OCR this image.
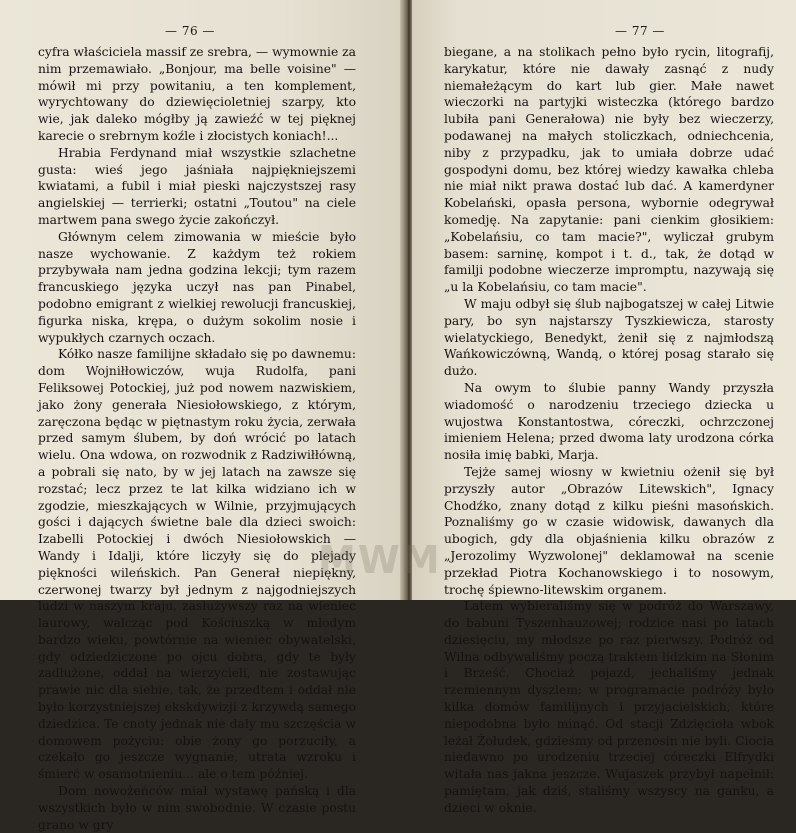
— 76 —

cyfra właściciela massif ze srebra, — wymownie za nim przemawiało. „Bonjour, ma belle voisine" — mówił mi przy powitaniu, a ten komplement, wyrychtowany do dziewięcioletniej szarpy, kto wie, jak daleko mógłby ją zawieźć w tej pięknej karecie o srebrnym koźle i złocistych koniach!...

Hrabia Ferdynand miał wszystkie szlachetne gusta: wieś jego jaśniała najpiękniejszemi kwiatami, a fubil i miał pieski najczystszej rasy angielskiej — terrierki; ostatni „Toutou" na ciele martwem pana swego życie zakończył.

Głównym celem zimowania w mieście było nasze wychowanie. Z każdym też rokiem przybywała nam jedna godzina lekcji; tym razem francuskiego języka uczył nas pan Pinabel, podobno emigrant z wielkiej rewolucji francuskiej, figurka niska, krępa, o dużym sokolim nosie i wypukłych czarnych oczach.

Kółko nasze familijne składało się po dawnemu: dom Wojniłłowiczów, wuja Rudolfa, pani Feliksowej Potockiej, już pod nowem nazwiskiem, jako żony generała Niesiołowskiego, z którym, zaręczona będąc w piętnastym roku życia, zerwała przed samym ślubem, by doń wrócić po latach wielu. Ona wdowa, on rozwodnik z Radziwiłłówną, a pobrali się nato, by w jej latach na zawsze się rozstać; lecz przez te lat kilka widziano ich w zgodzie, mieszkających w Wilnie, przyjmujących gości i dających świetne bale dla dzieci swoich: Izabelli Potockiej i dwóch Niesiołowskich — Wandy i Idalji, które liczyły się do plejady piękności wileńskich. Pan Generał niepiękny, czerwonej twarzy był jednym z najgodniejszych ludzi w naszym kraju, zasłużywszy raz na wieniec laurowy, walcząc pod Kościuszką w młodym bardzo wieku, powtórnie na wieniec obywatelski, gdy odziedziczone po ojcu dobra, gdy te były zadłużone, oddał na wierzycieli, nie zostawując prawie nic dla siebie, tak, że przedtem i oddał nie było korzystniejszej ekskdywizji z krzywdą samego dziedzica. Te cnoty jednak nie dały mu szczęścia w domowem pożyciu: obie żony go porzuciły, a czekało go jeszcze wygnanie, utrata wzroku i śmierć w osamotnieniu... ale o tem później.

Dom nowożeńców miał wystawę pańską i dla wszystkich było w nim swobodnie. W czasie postu grano w gry

— 77 —

biegane, a na stolikach pełno było rycin, litografij, karykatur, które nie dawały zasnąć z nudy niemałeżącym do kart lub gier. Małe nawet wieczorki na partyjki wisteczka (którego bardzo lubiła pani Generałowa) nie były bez wieczerzy, podawanej na małych stoliczkach, odniechcenia, niby z przypadku, jak to umiała dobrze udać gospodyni domu, bez której wiedzy kawałka chleba nie miał nikt prawa dostać lub dać. A kamerdyner Kobelański, opasła persona, wybornie odegrywał komedję. Na zapytanie: pani cienkim głosikiem: „Kobelańsiu, co tam macie?", wyliczał grubym basem: sarninę, kompot i t. d., tak, że dotąd w familji podobne wieczerze impromptu, nazywają się „u la Kobelańsiu, co tam macie".

W maju odbył się ślub najbogatszej w całej Litwie pary, bo syn najstarszy Tyszkiewicza, starosty wielatyckiego, Benedykt, żenił się z najmłodszą Wańkowiczówną, Wandą, o której posag starało się dużo.

Na owym to ślubie panny Wandy przyszła wiadomość o narodzeniu trzeciego dziecka u wujostwa Konstantostwa, córeczki, ochrzczonej imieniem Helena; przed dwoma laty urodzona córka nosiła imię babki, Marja.

Tejże samej wiosny w kwietniu ożenił się był przyszły autor „Obrazów Litewskich", Ignacy Chodźko, znany dotąd z kilku pieśni masońskich. Poznaliśmy go w czasie widowisk, dawanych dla ubogich, gdy dla objaśnienia kilku obrazów z „Jerozolimy Wyzwolonej" deklamował na scenie przekład Piotra Kochanowskiego i to nosowym, trochę śpiewno-litewskim organem.

Latem wybieraliśmy się w podróż do Warszawy, do babuni Tyszenhauzowej; rodzice nasi po latach dziesięciu, my młodsze po raz pierwszy. Podróż od Wilna odbywaliśmy począ traktem lidzkim na Słonim i Brześć. Chociaż pojazd, jechaliśmy jednak rzemiennym dyszlem: w programacie podróży było kilka domów familijnych i przyjacielskich, które niepodobna było minąć. Od stacji Zdzięcioła wbok leżał Żołudek, gdzieśmy od przenosin nie byli. Ciocia niedawno po urodzeniu trzeciej córeczki Elfrydki witała nas jakna jeszcze. Wujaszek przybył napełnił: pamiętam, jak dziś, staliśmy wszyscy na ganku, a dzieci w oknie.

MWM
